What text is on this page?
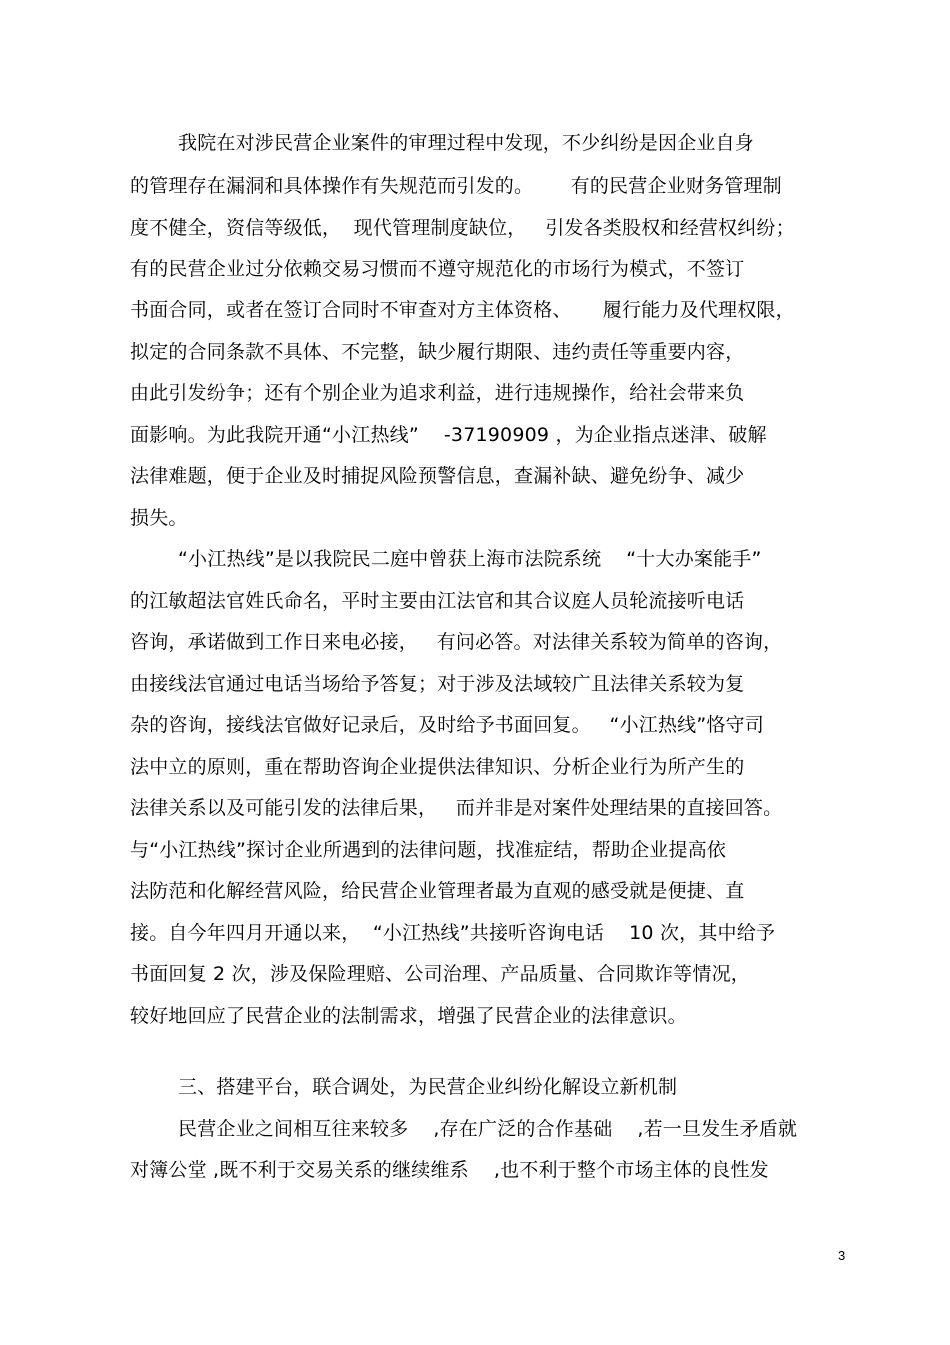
我院在对涉民营企业案件的审理过程中发现，不少纠纷是因企业自身
的管理存在漏洞和具体操作有失规范而引发的。      有的民营企业财务管理制
度不健全，资信等级低，  现代管理制度缺位，   引发各类股权和经营权纠纷；
有的民营企业过分依赖交易习惯而不遵守规范化的市场行为模式，不签订
书面合同，或者在签订合同时不审查对方主体资格、     履行能力及代理权限，
拟定的合同条款不具体、不完整，缺少履行期限、违约责任等重要内容，
由此引发纷争；还有个别企业为追求利益，进行违规操作，给社会带来负
面影响。为此我院开通“小江热线”    -37190909 ，为企业指点迷津、破解
法律难题，便于企业及时捕捉风险预警信息，查漏补缺、避免纷争、减少
损失。
“小江热线”是以我院民二庭中曾获上海市法院系统    “十大办案能手”
的江敏超法官姓氏命名，平时主要由江法官和其合议庭人员轮流接听电话
咨询，承诺做到工作日来电必接，   有问必答。对法律关系较为简单的咨询，
由接线法官通过电话当场给予答复；对于涉及法域较广且法律关系较为复
杂的咨询，接线法官做好记录后，及时给予书面回复。   “小江热线”恪守司
法中立的原则，重在帮助咨询企业提供法律知识、分析企业行为所产生的
法律关系以及可能引发的法律后果，   而并非是对案件处理结果的直接回答。
与“小江热线”探讨企业所遇到的法律问题，找准症结，帮助企业提高依
法防范和化解经营风险，给民营企业管理者最为直观的感受就是便捷、直
接。自今年四月开通以来，  “小江热线”共接听咨询电话    10 次，其中给予
书面回复 2 次，涉及保险理赔、公司治理、产品质量、合同欺诈等情况，
较好地回应了民营企业的法制需求，增强了民营企业的法律意识。
三、搭建平台，联合调处，为民营企业纠纷化解设立新机制
民营企业之间相互往来较多    ,存在广泛的合作基础    ,若一旦发生矛盾就
对簿公堂 ,既不利于交易关系的继续维系    ,也不利于整个市场主体的良性发
3
